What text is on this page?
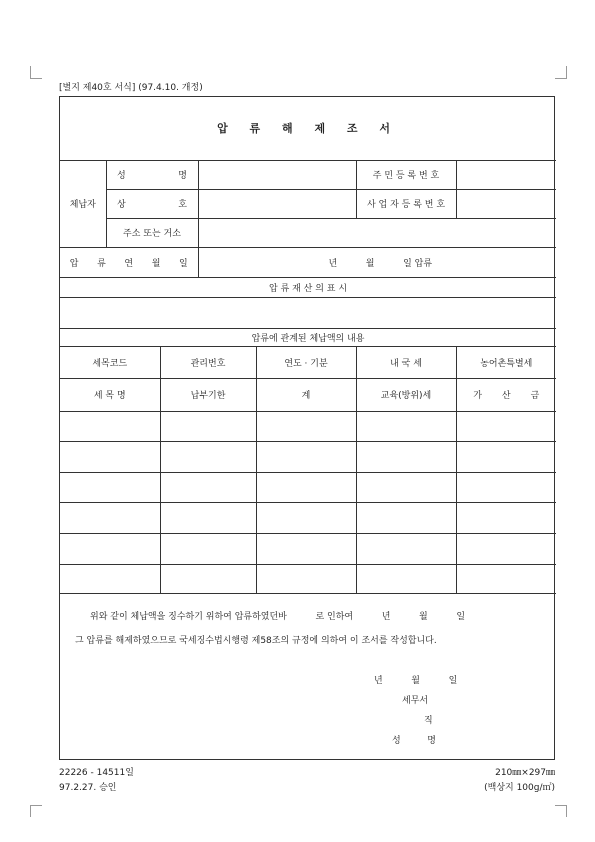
[별지 제40호 서식] (97.4.10. 개정)
압 류 해 제 조 서						
체납자	성 명				주 민 등 록 번 호	
	상 호				사 업 자 등 록 번 호	
	주소 또는 거소					
압 류 연 월 일			년          월          일 압류			
압 류 재 산 의 표 시						

압류에 관계된 체납액의 내용						
세목코드		관리번호		연도 · 기분	내 국 세	농어촌특별세
세 목 명		납부기한		계	교육(방위)세	가 산 금

위와 같이 체납액을 징수하기 위하여 압류하였던바          로 인하여          년          월          일
그 압류를 해제하였으므로 국세징수법시행령 제58조의 규정에 의하여 이 조서를 작성합니다.
년          월          일
세무서
직
성 명
22226 - 14511일
97.2.27. 승인
210㎜×297㎜
(백상지 100g/㎡)
